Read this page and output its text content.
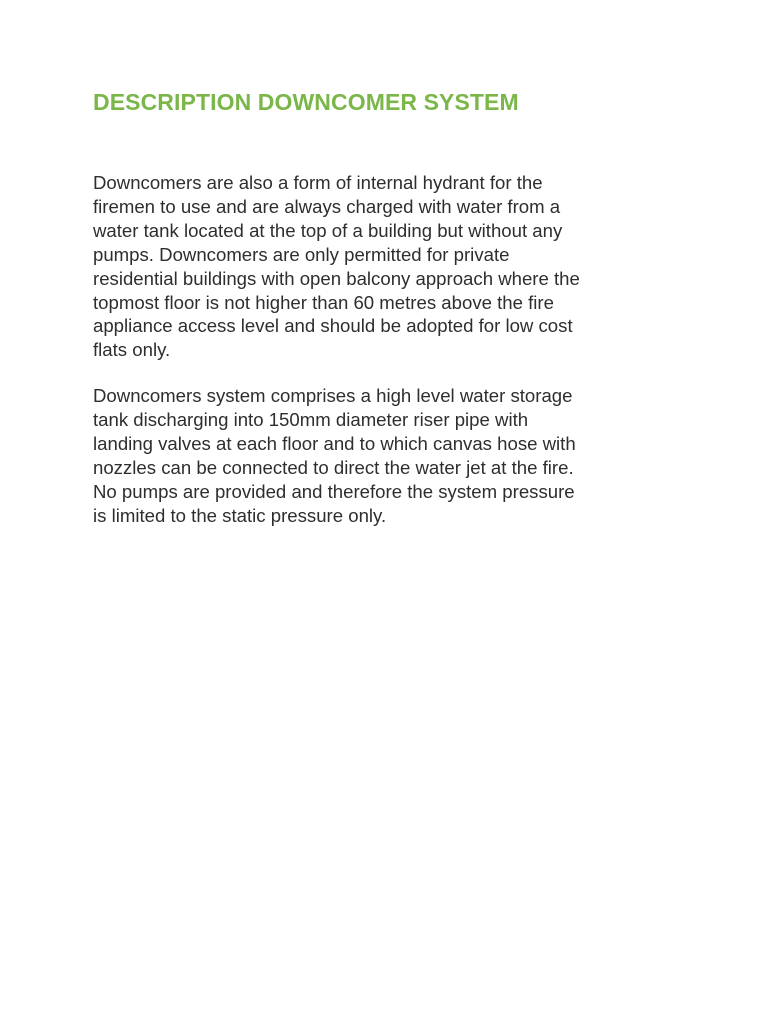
DESCRIPTION DOWNCOMER SYSTEM

Downcomers are also a form of internal hydrant for the
firemen to use and are always charged with water from a
water tank located at the top of a building but without any
pumps. Downcomers are only permitted for private
residential buildings with open balcony approach where the
topmost floor is not higher than 60 metres above the fire
appliance access level and should be adopted for low cost
flats only.

Downcomers system comprises a high level water storage
tank discharging into 150mm diameter riser pipe with
landing valves at each floor and to which canvas hose with
nozzles can be connected to direct the water jet at the fire.
No pumps are provided and therefore the system pressure
is limited to the static pressure only.
